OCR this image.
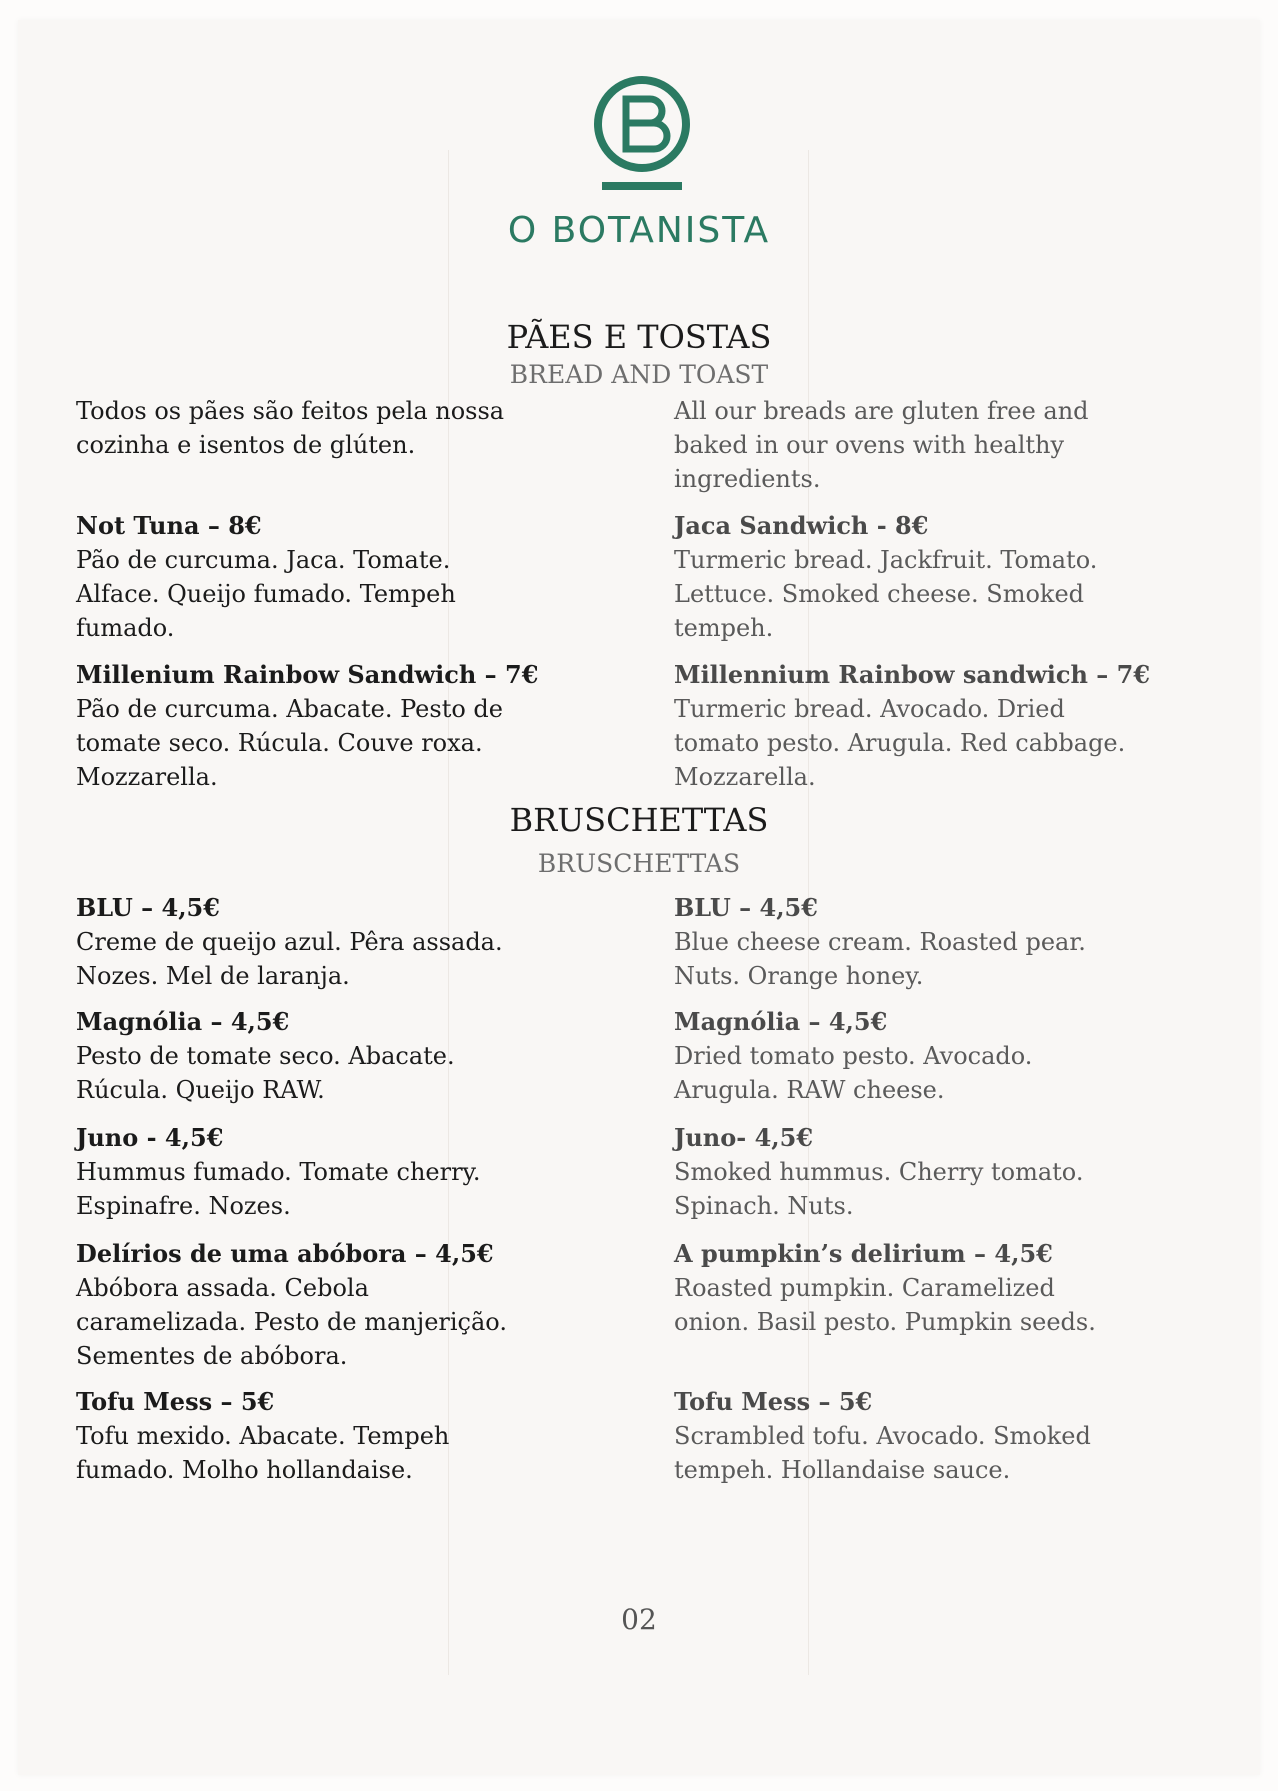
O BOTANISTA
PÃES E TOSTAS
BREAD AND TOAST
Todos os pães são feitos pela nossa
cozinha e isentos de glúten.
All our breads are gluten free and
baked in our ovens with healthy
ingredients.
Not Tuna – 8€
Pão de curcuma. Jaca. Tomate.
Alface. Queijo fumado. Tempeh
fumado.
Jaca Sandwich - 8€
Turmeric bread. Jackfruit. Tomato.
Lettuce. Smoked cheese. Smoked
tempeh.
Millenium Rainbow Sandwich – 7€
Pão de curcuma. Abacate. Pesto de
tomate seco. Rúcula. Couve roxa.
Mozzarella.
Millennium Rainbow sandwich – 7€
Turmeric bread. Avocado. Dried
tomato pesto. Arugula. Red cabbage.
Mozzarella.
BRUSCHETTAS
BRUSCHETTAS
BLU – 4,5€
Creme de queijo azul. Pêra assada.
Nozes. Mel de laranja.
BLU – 4,5€
Blue cheese cream. Roasted pear.
Nuts. Orange honey.
Magnólia – 4,5€
Pesto de tomate seco. Abacate.
Rúcula. Queijo RAW.
Magnólia – 4,5€
Dried tomato pesto. Avocado.
Arugula. RAW cheese.
Juno - 4,5€
Hummus fumado. Tomate cherry.
Espinafre. Nozes.
Juno- 4,5€
Smoked hummus. Cherry tomato.
Spinach. Nuts.
Delírios de uma abóbora – 4,5€
Abóbora assada. Cebola
caramelizada. Pesto de manjerição.
Sementes de abóbora.
A pumpkin’s delirium – 4,5€
Roasted pumpkin. Caramelized
onion. Basil pesto. Pumpkin seeds.
Tofu Mess – 5€
Tofu mexido. Abacate. Tempeh
fumado. Molho hollandaise.
Tofu Mess – 5€
Scrambled tofu. Avocado. Smoked
tempeh. Hollandaise sauce.
02
